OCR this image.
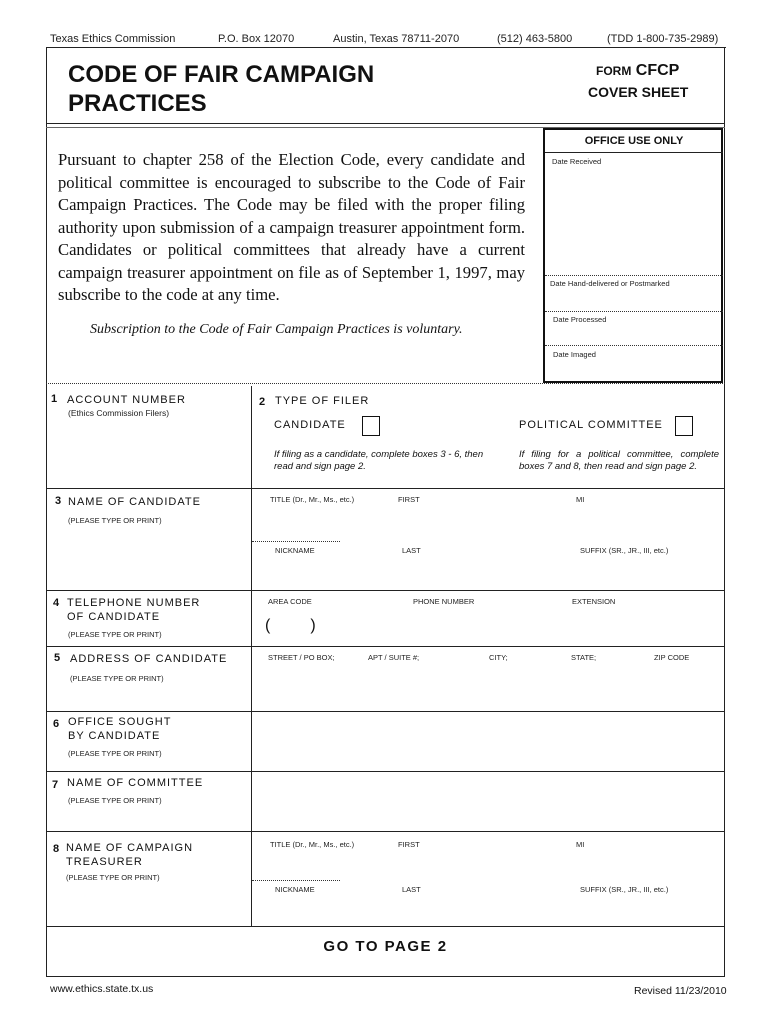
Texas Ethics Commission	P.O. Box 12070	Austin, Texas 78711-2070	(512) 463-5800	(TDD 1-800-735-2989)
CODE OF FAIR CAMPAIGN
PRACTICES
FORM CFCP
COVER SHEET
Pursuant to chapter 258 of the Election Code, every candidate and political committee is encouraged to subscribe to the Code of Fair Campaign Practices. The Code may be filed with the proper filing authority upon submission of a campaign treasurer appointment form. Candidates or political committees that already have a current campaign treasurer appointment on file as of September 1, 1997, may subscribe to the code at any time.
Subscription to the Code of Fair Campaign Practices is voluntary.
OFFICE USE ONLY
Date Received
Date Hand-delivered or Postmarked
Date Processed
Date Imaged
1 ACCOUNT NUMBER
(Ethics Commission Filers)
2 TYPE OF FILER
CANDIDATE	POLITICAL COMMITTEE
If filing as a candidate, complete boxes 3 - 6, then read and sign page 2.
If filing for a political committee, complete boxes 7 and 8, then read and sign page 2.
3 NAME OF CANDIDATE
(PLEASE TYPE OR PRINT)
TITLE (Dr., Mr., Ms., etc.)	FIRST	MI
NICKNAME	LAST	SUFFIX (SR., JR., III, etc.)
4 TELEPHONE NUMBER
OF CANDIDATE
(PLEASE TYPE OR PRINT)
AREA CODE	PHONE NUMBER	EXTENSION
(         )
5 ADDRESS OF CANDIDATE
(PLEASE TYPE OR PRINT)
STREET / PO BOX;	APT / SUITE #;	CITY;	STATE;	ZIP CODE
6 OFFICE SOUGHT
BY CANDIDATE
(PLEASE TYPE OR PRINT)
7 NAME OF COMMITTEE
(PLEASE TYPE OR PRINT)
8 NAME OF CAMPAIGN
TREASURER
(PLEASE TYPE OR PRINT)
TITLE (Dr., Mr., Ms., etc.)	FIRST	MI
NICKNAME	LAST	SUFFIX (SR., JR., III, etc.)
GO TO PAGE 2
www.ethics.state.tx.us	Revised 11/23/2010
